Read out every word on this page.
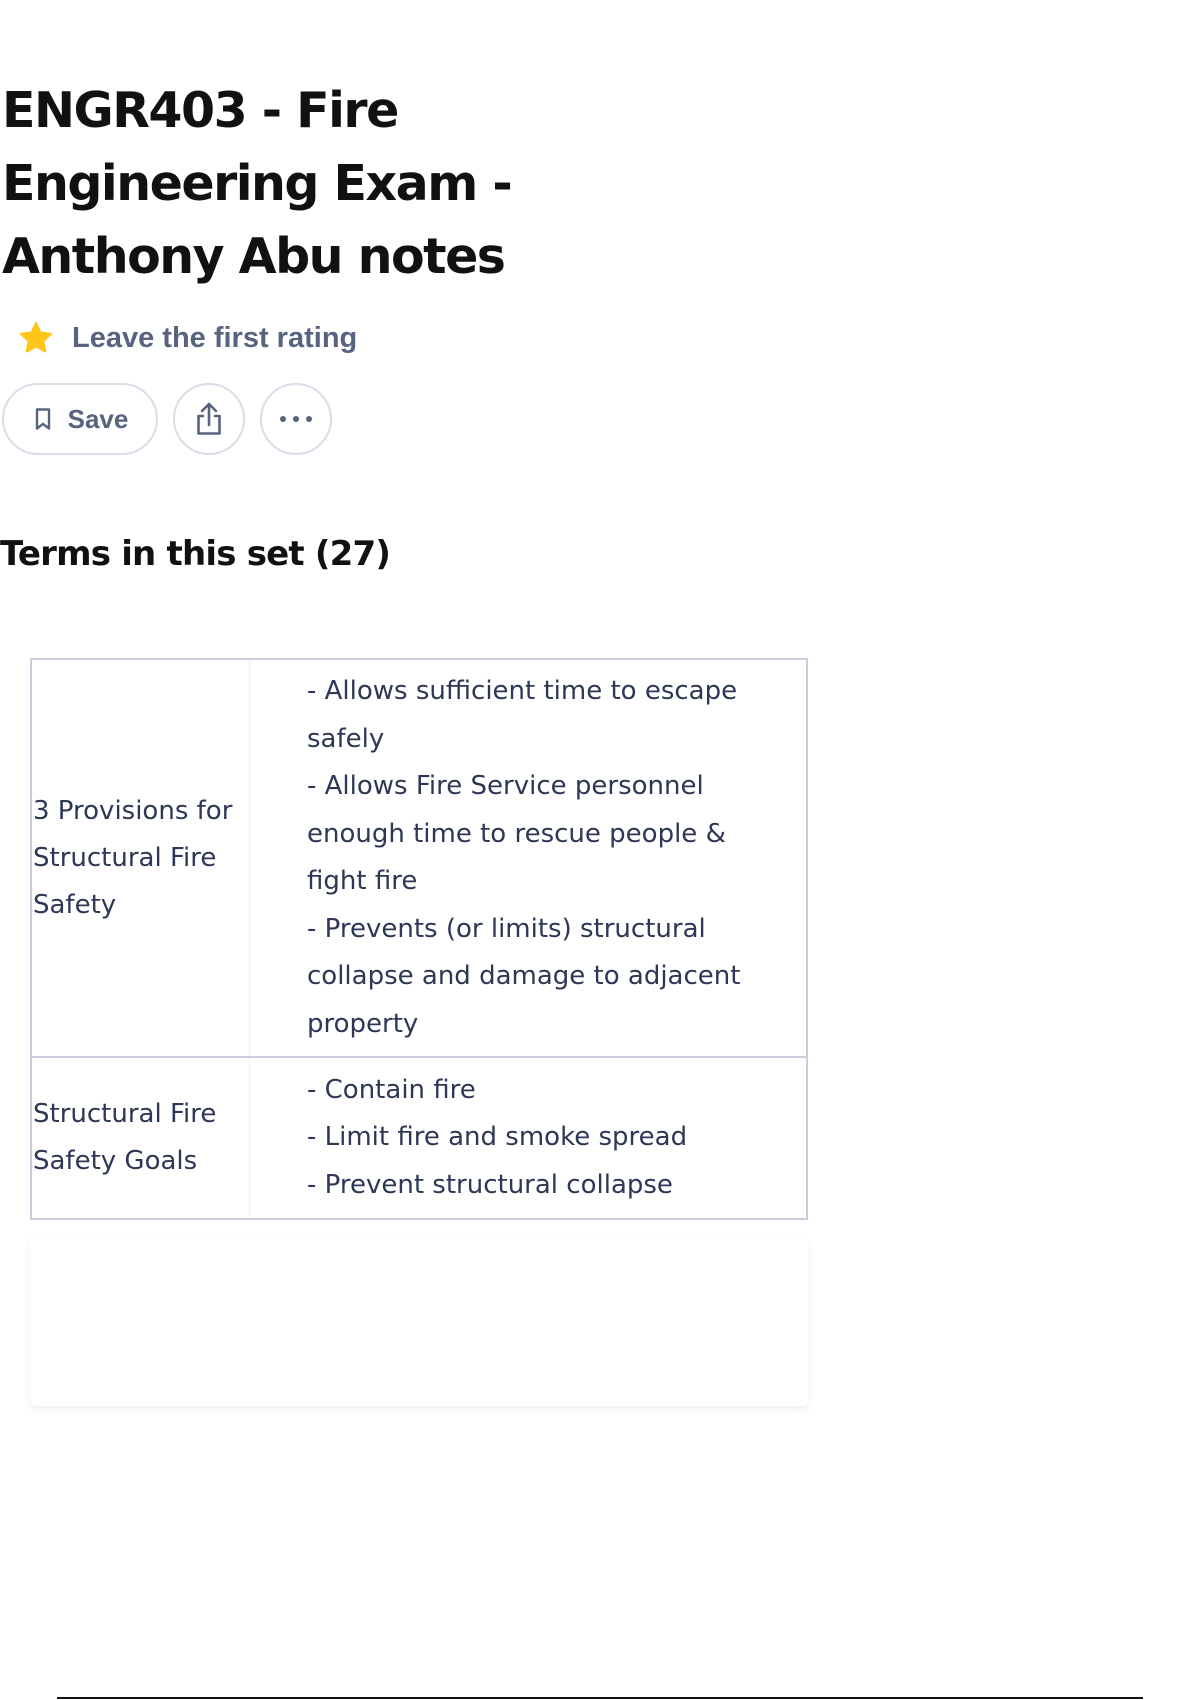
ENGR403 - Fire Engineering Exam - Anthony Abu notes
Leave the first rating
Save
Terms in this set (27)
3 Provisions for Structural Fire Safety
- Allows sufficient time to escape safely
- Allows Fire Service personnel enough time to rescue people & fight fire
- Prevents (or limits) structural collapse and damage to adjacent property
Structural Fire Safety Goals
- Contain fire
- Limit fire and smoke spread
- Prevent structural collapse
